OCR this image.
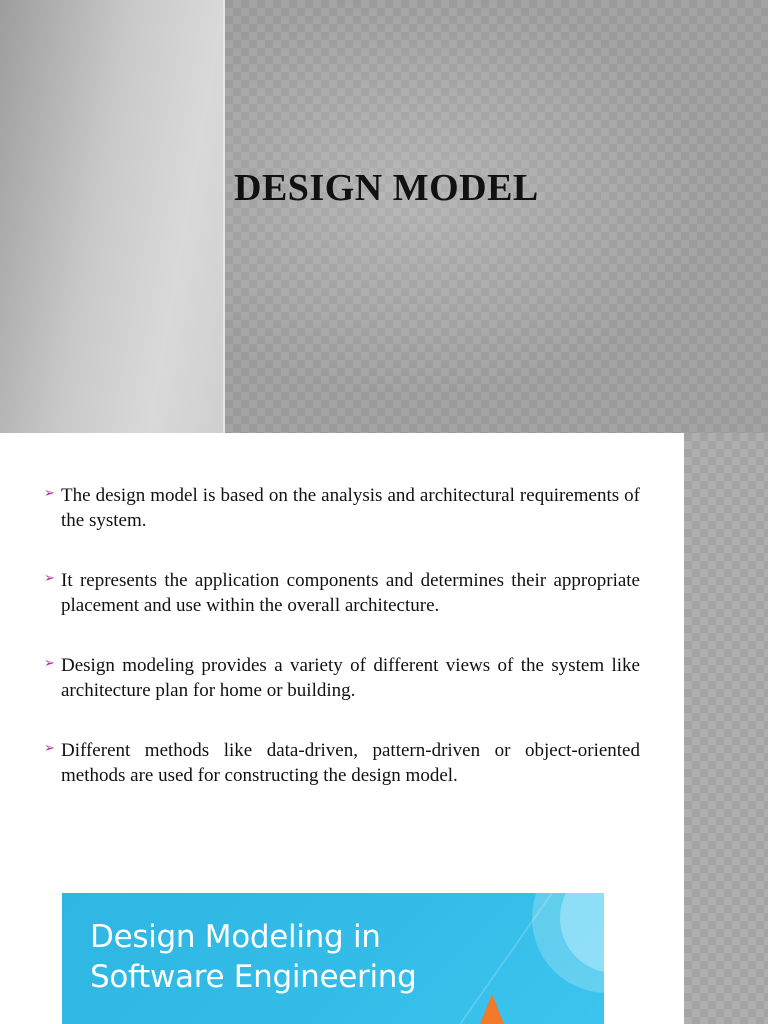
DESIGN MODEL
➢ The design model is based on the analysis and architectural requirements of the system.
➢ It represents the application components and determines their appropriate placement and use within the overall architecture.
➢ Design modeling provides a variety of different views of the system like architecture plan for home or building.
➢ Different methods like data-driven, pattern-driven or object-oriented methods are used for constructing the design model.
Design Modeling in
Software Engineering
